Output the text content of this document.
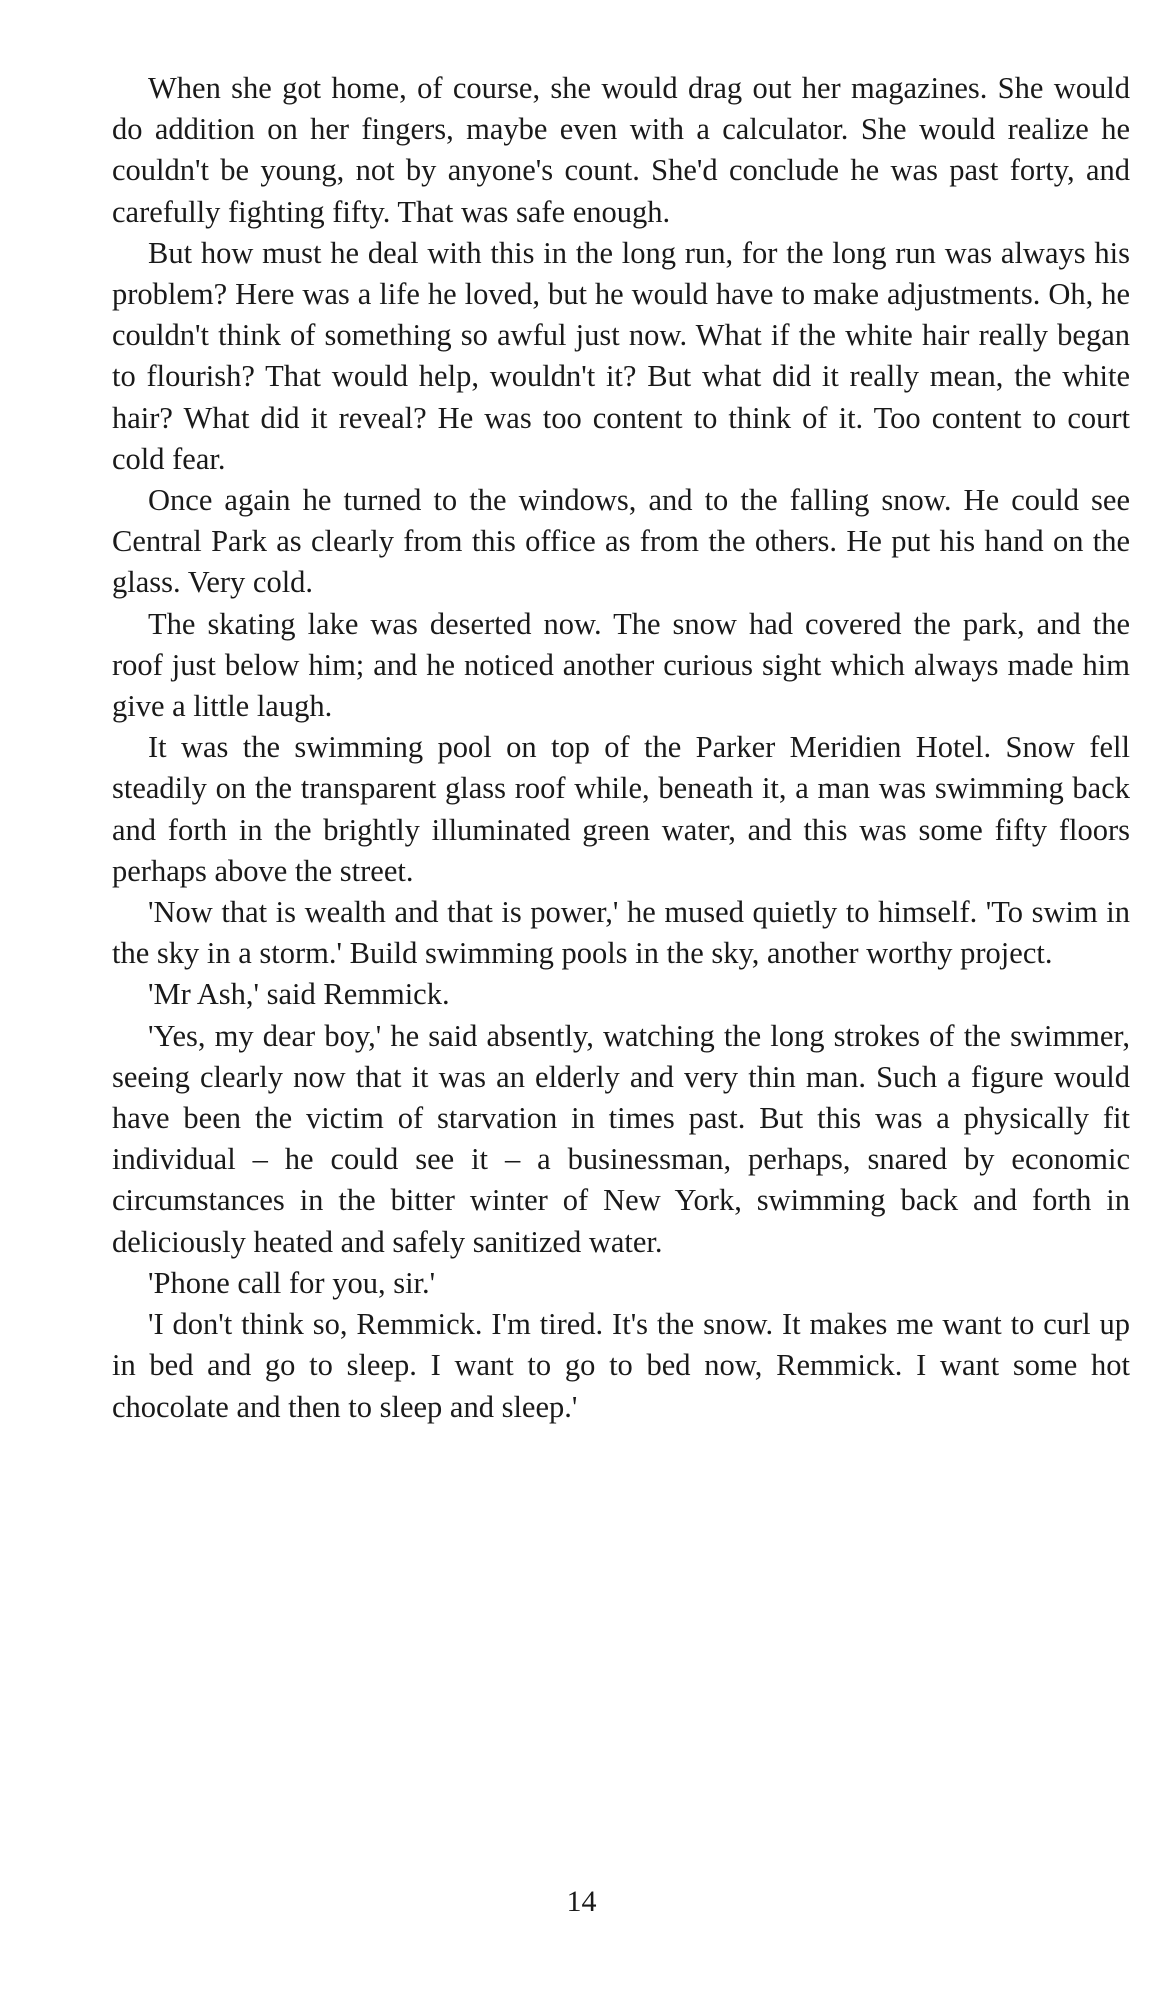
When she got home, of course, she would drag out her magazines. She would do addition on her fingers, maybe even with a calculator. She would realize he couldn't be young, not by anyone's count. She'd conclude he was past forty, and carefully fighting fifty. That was safe enough.

But how must he deal with this in the long run, for the long run was always his problem? Here was a life he loved, but he would have to make adjustments. Oh, he couldn't think of something so awful just now. What if the white hair really began to flourish? That would help, wouldn't it? But what did it really mean, the white hair? What did it reveal? He was too content to think of it. Too content to court cold fear.

Once again he turned to the windows, and to the falling snow. He could see Central Park as clearly from this office as from the others. He put his hand on the glass. Very cold.

The skating lake was deserted now. The snow had covered the park, and the roof just below him; and he noticed another curious sight which always made him give a little laugh.

It was the swimming pool on top of the Parker Meridien Hotel. Snow fell steadily on the transparent glass roof while, beneath it, a man was swimming back and forth in the brightly illuminated green water, and this was some fifty floors perhaps above the street.

'Now that is wealth and that is power,' he mused quietly to himself. 'To swim in the sky in a storm.' Build swimming pools in the sky, another worthy project.

'Mr Ash,' said Remmick.

'Yes, my dear boy,' he said absently, watching the long strokes of the swimmer, seeing clearly now that it was an elderly and very thin man. Such a figure would have been the victim of starvation in times past. But this was a physically fit individual – he could see it – a businessman, perhaps, snared by economic circumstances in the bitter winter of New York, swimming back and forth in deliciously heated and safely sanitized water.

'Phone call for you, sir.'

'I don't think so, Remmick. I'm tired. It's the snow. It makes me want to curl up in bed and go to sleep. I want to go to bed now, Remmick. I want some hot chocolate and then to sleep and sleep.'

14
